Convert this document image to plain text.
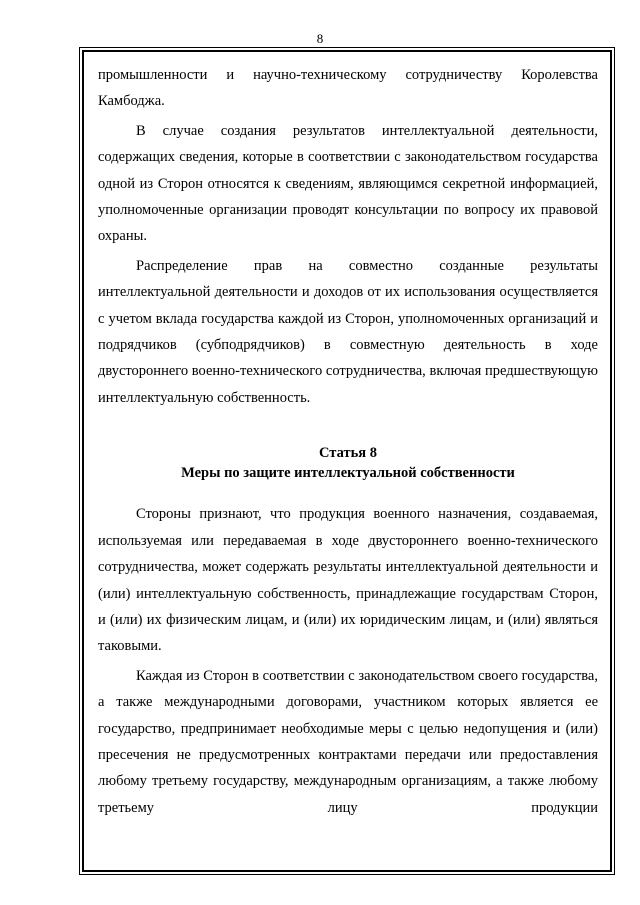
8

промышленности и научно-техническому сотрудничеству Королевства Камбоджа.

В случае создания результатов интеллектуальной деятельности, содержащих сведения, которые в соответствии с законодательством государства одной из Сторон относятся к сведениям, являющимся секретной информацией, уполномоченные организации проводят консультации по вопросу их правовой охраны.

Распределение прав на совместно созданные результаты интеллектуальной деятельности и доходов от их использования осуществляется с учетом вклада государства каждой из Сторон, уполномоченных организаций и подрядчиков (субподрядчиков) в совместную деятельность в ходе двустороннего военно-технического сотрудничества, включая предшествующую интеллектуальную собственность.

Статья 8

Меры по защите интеллектуальной собственности

Стороны признают, что продукция военного назначения, создаваемая, используемая или передаваемая в ходе двустороннего военно-технического сотрудничества, может содержать результаты интеллектуальной деятельности и (или) интеллектуальную собственность, принадлежащие государствам Сторон, и (или) их физическим лицам, и (или) их юридическим лицам, и (или) являться таковыми.

Каждая из Сторон в соответствии с законодательством своего государства, а также международными договорами, участником которых является ее государство, предпринимает необходимые меры с целью недопущения и (или) пресечения не предусмотренных контрактами передачи или предоставления любому третьему государству, международным организациям, а также любому третьему лицу продукции
